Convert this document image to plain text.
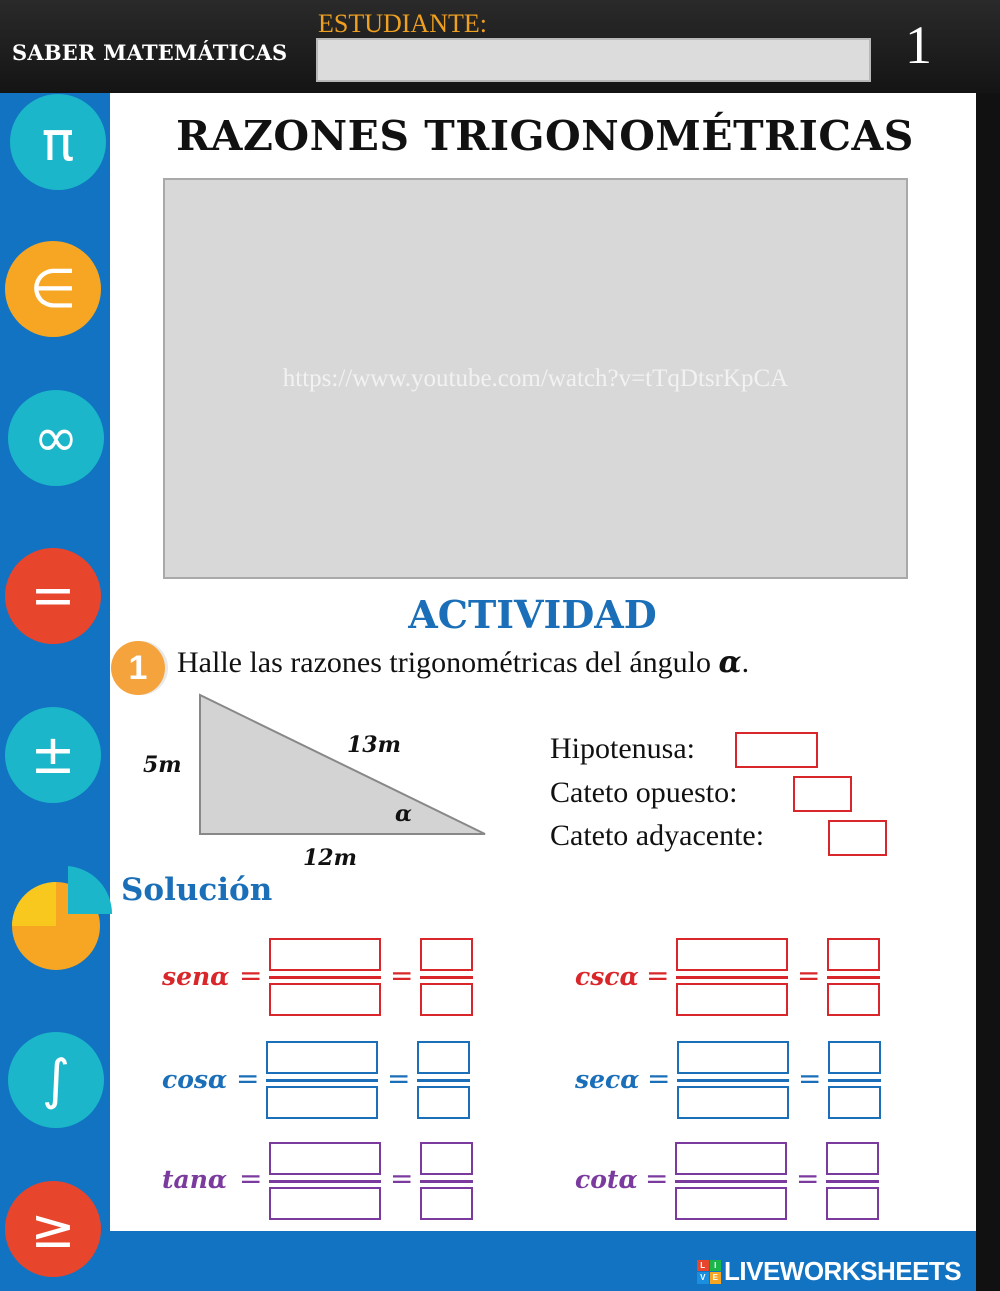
SABER MATEMÁTICAS
ESTUDIANTE:	1
π
∈
∞
=
±
∫
≥
RAZONES TRIGONOMÉTRICAS
https://www.youtube.com/watch?v=tTqDtsrKpCA
ACTIVIDAD
1 Halle las razones trigonométricas del ángulo α.
5m
13m
α
12m
Hipotenusa:
Cateto opuesto:
Cateto adyacente:
Solución
senα =	=	cscα =	=
cosα =	=	secα =	=
tanα =	=	cotα =	=
L	I
V E LIVEWORKSHEETS
